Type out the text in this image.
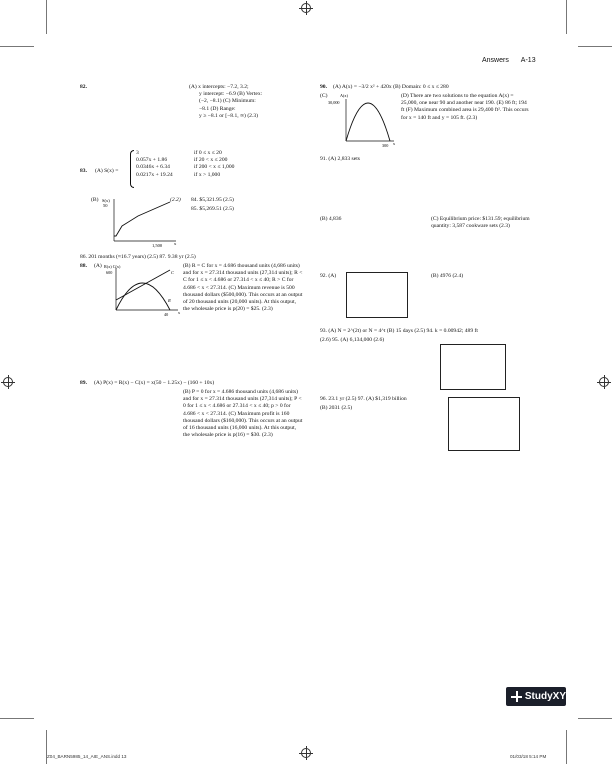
Answers A-13
82.	(A) x intercepts: −7.2, 3.2;
y intercept: −6.9 (B) Vertex:
(−2, −8.1) (C) Minimum:
−8.1 (D) Range:
y ≥ −8.1 or [−8.1, ∞) (2.3)
83. (A) S(x) =
3	if 0 ≤ x ≤ 20
0.057x + 1.86	if 20 < x ≤ 200
0.0346x + 6.34	if 200 < x ≤ 1,000
0.0217x + 19.24	if x > 1,000
(B) S(x)
50
1,500	x
(2.2) 84. $5,321.95 (2.5)
85. $5,269.51 (2.5)
86. 201 months (≈16.7 years) (2.5) 87. 9.38 yr (2.5)
88. (A) R(x) C(x)
600
40
C
R
x
(B) R = C for x = 4.686 thousand units (4,686 units) and for x = 27.314 thousand units (27,314 units); R < C for 1 ≤ x < 4.686 or 27.314 < x ≤ 40; R > C for 4.686 < x < 27.314. (C) Maximum revenue is 500 thousand dollars ($500,000). This occurs at an output of 20 thousand units (20,000 units). At this output, the wholesale price is p(20) = $25. (2.3)
89. (A) P(x) = R(x) − C(x) = x(50 − 1.25x) − (160 + 10x)
(B) P = 0 for x = 4.686 thousand units (4,686 units) and for x = 27.314 thousand units (27,314 units); P < 0 for 1 ≤ x < 4.686 or 27.314 < x ≤ 40; p > 0 for 4.686 < x < 27.314. (C) Maximum profit is 160 thousand dollars ($160,000). This occurs at an output of 16 thousand units (16,000 units). At this output, the wholesale price is p(16) = $30. (2.3)
90. (A) A(x) = −3/2 x² + 420x (B) Domain: 0 ≤ x ≤ 280
(C)	A(x)
30,000
300 x
(D) There are two solutions to the equation A(x) = 25,000, one near 90 and another near 190. (E) 86 ft; 194 ft (F) Maximum combined area is 29,400 ft². This occurs for x = 140 ft and y = 105 ft. (2.3)
91. (A) 2,833 sets
(B) 4,836	(C) Equilibrium price: $131.59; equilibrium quantity: 3,587 cookware sets (2.3)
92. (A)	(B) 4976 (2.4)
93. (A) N = 2^(2t) or N = 4^t (B) 15 days (2.5) 94. k = 0.00942; 489 ft
(2.6) 95. (A) 6,134,000 (2.6)
96. 23.1 yr (2.5) 97. (A) $1,319 billion
(B) 2031 (2.5)
StudyXY
Z04_BARN5985_14_AIE_ANS.indd 13	01/03/18 5:14 PM
